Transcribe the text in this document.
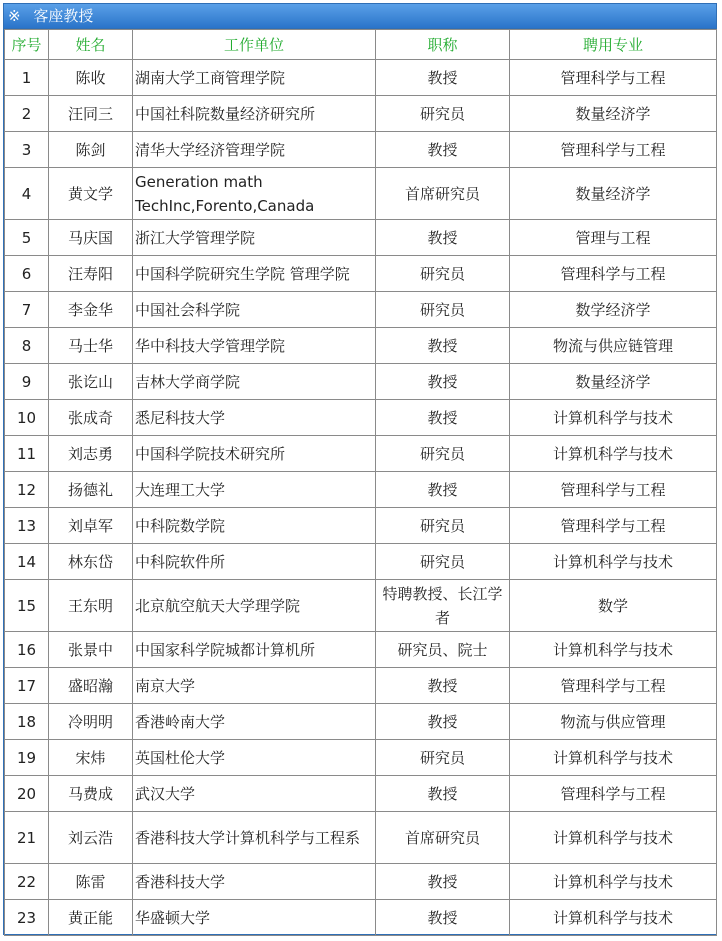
※ 客座教授
序号	姓名	工作单位	职称	聘用专业
1	陈收	湖南大学工商管理学院	教授	管理科学与工程
2	汪同三	中国社科院数量经济研究所	研究员	数量经济学
3	陈剑	清华大学经济管理学院	教授	管理科学与工程
4	黄文学	Generation math TechInc,Forento,Canada	首席研究员	数量经济学
5	马庆国	浙江大学管理学院	教授	管理与工程
6	汪寿阳	中国科学院研究生学院 管理学院	研究员	管理科学与工程
7	李金华	中国社会科学院	研究员	数学经济学
8	马士华	华中科技大学管理学院	教授	物流与供应链管理
9	张讫山	吉林大学商学院	教授	数量经济学
10	张成奇	悉尼科技大学	教授	计算机科学与技术
11	刘志勇	中国科学院技术研究所	研究员	计算机科学与技术
12	扬德礼	大连理工大学	教授	管理科学与工程
13	刘卓军	中科院数学院	研究员	管理科学与工程
14	林东岱	中科院软件所	研究员	计算机科学与技术
15	王东明	北京航空航天大学理学院	特聘教授、长江学者	数学
16	张景中	中国家科学院城都计算机所	研究员、院士	计算机科学与技术
17	盛昭瀚	南京大学	教授	管理科学与工程
18	冷明明	香港岭南大学	教授	物流与供应管理
19	宋炜	英国杜伦大学	研究员	计算机科学与技术
20	马费成	武汉大学	教授	管理科学与工程
21	刘云浩	香港科技大学计算机科学与工程系	首席研究员	计算机科学与技术
22	陈雷	香港科技大学	教授	计算机科学与技术
23	黄正能	华盛顿大学	教授	计算机科学与技术
